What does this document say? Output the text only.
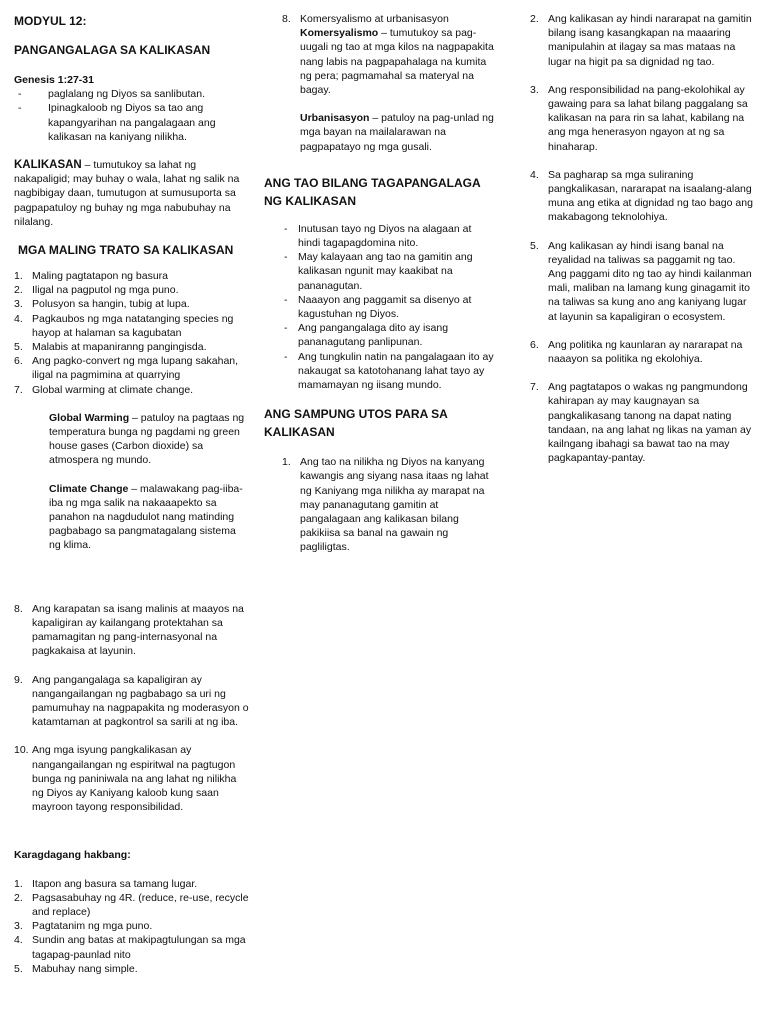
MODYUL 12:

PANGANGALAGA SA KALIKASAN

Genesis 1:27-31

- paglalang ng Diyos sa sanlibutan.
- Ipinagkaloob ng Diyos sa tao ang kapangyarihan na pangalagaan ang kalikasan na kaniyang nilikha.

KALIKASAN – tumutukoy sa lahat ng nakapaligid; may buhay o wala, lahat ng salik na nagbibigay daan, tumutugon at sumusuporta sa pagpapatuloy ng buhay ng mga nabubuhay na nilalang.

MGA MALING TRATO SA KALIKASAN

1. Maling pagtatapon ng basura
2. Iligal na pagputol ng mga puno.
3. Polusyon sa hangin, tubig at lupa.
4. Pagkaubos ng mga natatanging species ng hayop at halaman sa kagubatan
5. Malabis at mapaniranng pangingisda.
6. Ang pagko-convert ng mga lupang sakahan, iligal na pagmimina at quarrying
7. Global warming at climate change.

Global Warming – patuloy na pagtaas ng temperatura bunga ng pagdami ng green house gases (Carbon dioxide) sa atmospera ng mundo.

Climate Change – malawakang pag-iiba-iba ng mga salik na nakaaapekto sa panahon na nagdudulot nang matinding pagbabago sa pangmatagalang sistema ng klima.

8. Ang karapatan sa isang malinis at maayos na kapaligiran ay kailangang protektahan sa pamamagitan ng pang-internasyonal na pagkakaisa at layunin.
9. Ang pangangalaga sa kapaligiran ay nangangailangan ng pagbabago sa uri ng pamumuhay na nagpapakita ng moderasyon o katamtaman at pagkontrol sa sarili at ng iba.
10. Ang mga isyung pangkalikasan ay nangangailangan ng espiritwal na pagtugon bunga ng paniniwala na ang lahat ng nilikha ng Diyos ay Kaniyang kaloob kung saan mayroon tayong responsibilidad.

Karagdagang hakbang:

1. Itapon ang basura sa tamang lugar.
2. Pagsasabuhay ng 4R. (reduce, re-use, recycle and replace)
3. Pagtatanim ng mga puno.
4. Sundin ang batas at makipagtulungan sa mga tagapag-paunlad nito
5. Mabuhay nang simple.
8. Komersyalismo at urbanisasyon
Komersyalismo – tumutukoy sa pag-uugali ng tao at mga kilos na nagpapakita nang labis na pagpapahalaga na kumita ng pera; pagmamahal sa materyal na bagay.

Urbanisasyon – patuloy na pag-unlad ng mga bayan na mailalarawan na pagpapatayo ng mga gusali.

ANG TAO BILANG TAGAPANGALAGA NG KALIKASAN

- Inutusan tayo ng Diyos na alagaan at hindi tagapagdomina nito.
- May kalayaan ang tao na gamitin ang kalikasan ngunit may kaakibat na pananagutan.
- Naaayon ang paggamit sa disenyo at kagustuhan ng Diyos.
- Ang pangangalaga dito ay isang pananagutang panlipunan.
- Ang tungkulin natin na pangalagaan ito ay nakaugat sa katotohanang lahat tayo ay mamamayan ng iisang mundo.

ANG SAMPUNG UTOS PARA SA KALIKASAN

1. Ang tao na nilikha ng Diyos na kanyang kawangis ang siyang nasa itaas ng lahat ng Kaniyang mga nilikha ay marapat na may pananagutang gamitin at pangalagaan ang kalikasan bilang pakikiisa sa banal na gawain ng pagliligtas.
2. Ang kalikasan ay hindi nararapat na gamitin bilang isang kasangkapan na maaaring manipulahin at ilagay sa mas mataas na lugar na higit pa sa dignidad ng tao.
3. Ang responsibilidad na pang-ekolohikal ay gawaing para sa lahat bilang paggalang sa kalikasan na para rin sa lahat, kabilang na ang mga henerasyon ngayon at ng sa hinaharap.
4. Sa pagharap sa mga suliraning pangkalikasan, nararapat na isaalang-alang muna ang etika at dignidad ng tao bago ang makabagong teknolohiya.
5. Ang kalikasan ay hindi isang banal na reyalidad na taliwas sa paggamit ng tao. Ang paggami dito ng tao ay hindi kailanman mali, maliban na lamang kung ginagamit ito na taliwas sa kung ano ang kaniyang lugar at layunin sa kapaligiran o ecosystem.
6. Ang politika ng kaunlaran ay nararapat na naaayon sa politika ng ekolohiya.
7. Ang pagtatapos o wakas ng pangmundong kahirapan ay may kaugnayan sa pangkalikasang tanong na dapat nating tandaan, na ang lahat ng likas na yaman ay kailngang ibahagi sa bawat tao na may pagkapantay-pantay.
